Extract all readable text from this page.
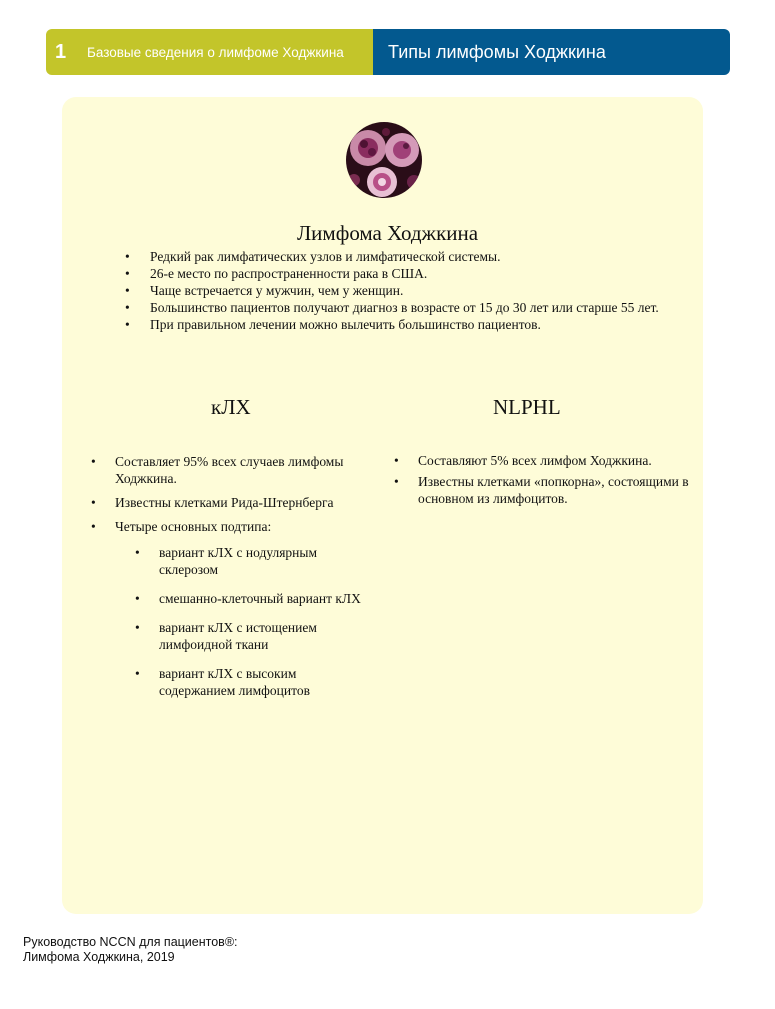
1	Базовые сведения о лимфоме Ходжкина Типы лимфомы Ходжкина
Лимфома Ходжкина
• Редкий рак лимфатических узлов и лимфатической системы.
• 26-е место по распространенности рака в США.
• Чаще встречается у мужчин, чем у женщин.
• Большинство пациентов получают диагноз в возрасте от 15 до 30 лет или старше 55 лет.
• При правильном лечении можно вылечить большинство пациентов.
кЛХ	NLPHL
• Составляет 95% всех случаев лимфомы Ходжкина.
• Известны клетками Рида-Штернберга
• Четыре основных подтипа:
• вариант кЛХ с нодулярным склерозом
• смешанно-клеточный вариант кЛХ
• вариант кЛХ с истощением лимфоидной ткани
• вариант кЛХ с высоким содержанием лимфоцитов
• Составляют 5% всех лимфом Ходжкина.
• Известны клетками «попкорна», состоящими в основном из лимфоцитов.
Руководство NCCN для пациентов®:
Лимфома Ходжкина, 2019
